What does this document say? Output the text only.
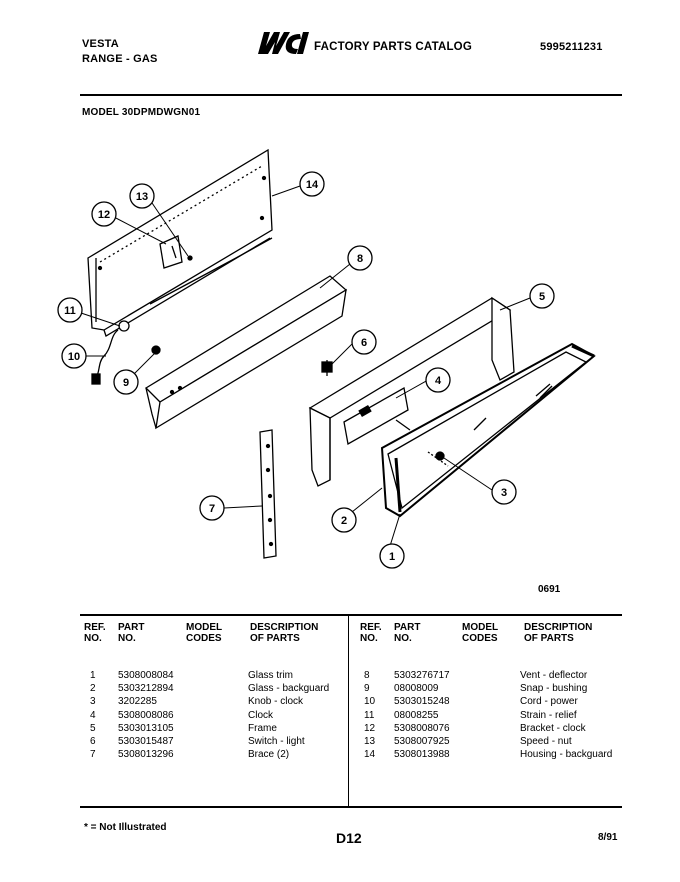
VESTA
RANGE - GAS
FACTORY PARTS CATALOG	5995211231
MODEL 30DPMDWGN01
14
13
12
11
10
9
8
6
5
4
3
2
1
7
0691
REF.
NO.
PART
NO.
MODEL
CODES
DESCRIPTION
OF PARTS
REF.
NO.
PART
NO.
MODEL
CODES
DESCRIPTION
OF PARTS
1 5308008084	Glass trim
2 5303212894	Glass - backguard
3 3202285	Knob - clock
4 5308008086	Clock
5 5303013105	Frame
6 5303015487	Switch - light
7 5308013296	Brace (2)
8 5303276717	Vent - deflector
9 08008009	Snap - bushing
10 5303015248	Cord - power
11 08008255	Strain - relief
12 5308008076	Bracket - clock
13 5308007925	Speed - nut
14 5308013988	Housing - backguard
* = Not Illustrated
D12	8/91
